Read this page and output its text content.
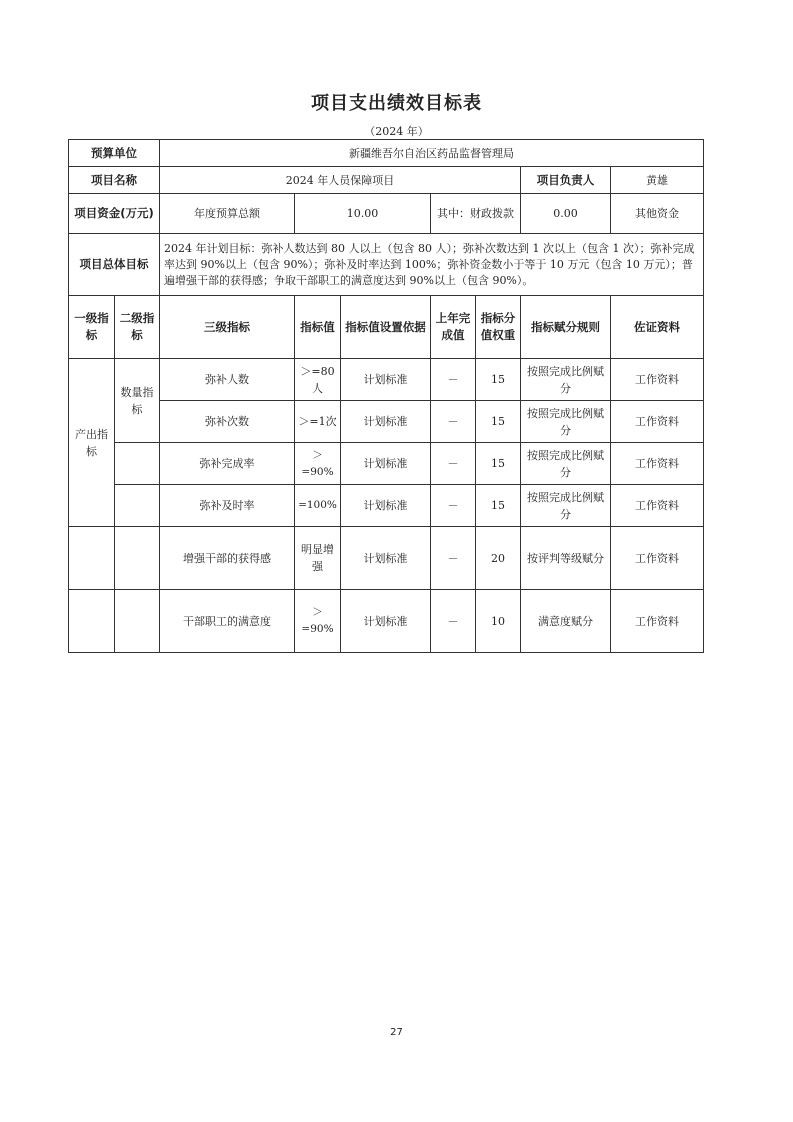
项目支出绩效目标表
（2024 年）
预算单位		新疆维吾尔自治区药品监督管理局						
项目名称		2024 年人员保障项目					项目负责人	黄雄
项目资金(万元)		年度预算总额	10.00		其中：财政拨款		0.00	其他资金
项目总体目标		2024 年计划目标：弥补人数达到 80 人以上（包含 80 人）；弥补次数达到 1 次以上（包含 1 次）；弥补完成率达到 90%以上（包含 90%）；弥补及时率达到 100%；弥补资金数小于等于 10 万元（包含 10 万元）；普遍增强干部的获得感；争取干部职工的满意度达到 90%以上（包含 90%）。						
一级指标	二级指标	三级指标	指标值	指标值设置依据	上年完成值	指标分值权重	指标赋分规则	佐证资料
产出指标	数量指标	弥补人数	＞=80人	计划标准	－	15	按照完成比例赋分	工作资料
		弥补次数	＞=1次	计划标准	－	15	按照完成比例赋分	工作资料
		弥补完成率	＞=90%	计划标准	－	15	按照完成比例赋分	工作资料
		弥补及时率	=100%	计划标准	－	15	按照完成比例赋分	工作资料
		增强干部的获得感	明显增强	计划标准	－	20	按评判等级赋分	工作资料
		干部职工的满意度	＞=90%	计划标准	－	10	满意度赋分	工作资料
27
